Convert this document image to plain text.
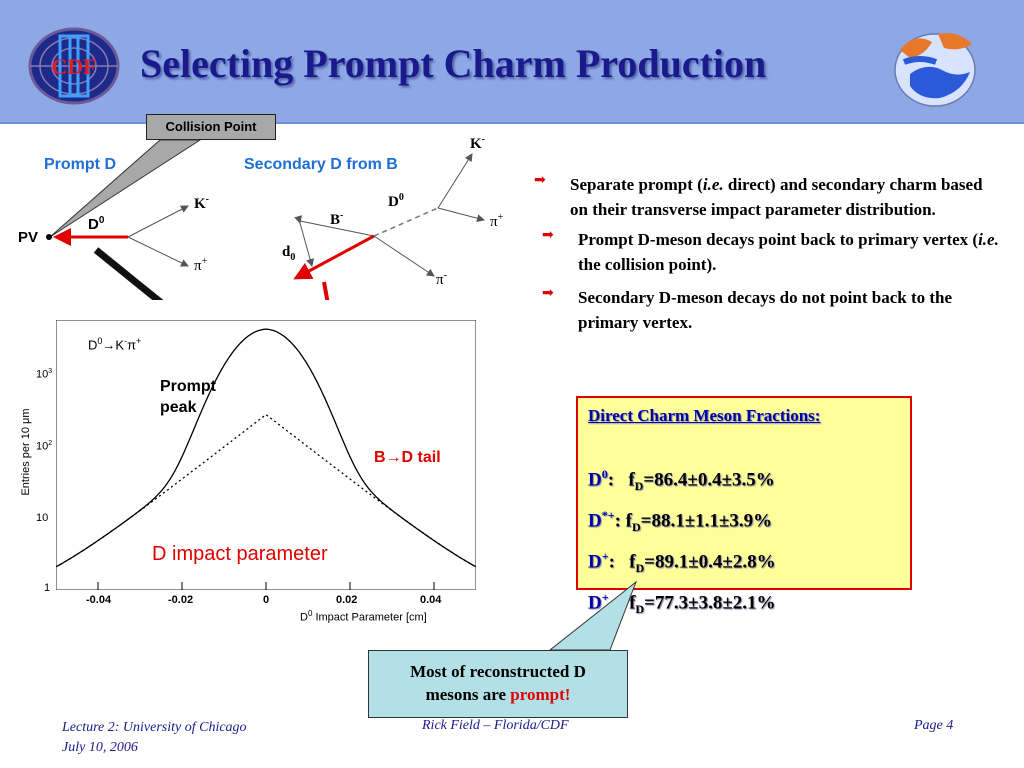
CDF Selecting Prompt Charm Production
Collision Point
Prompt D	Secondary D from B
PV
$D^0$
K-
π+
B-
$D^0$
$d_0$
K-
π+
π-
$D^0\to K^-\pi^+$
Prompt
peak
B→D tail
D impact parameter
$10^3$
$10^2$
10
1
-0.04	-0.02	0	0.02	0.04
$D^0$ Impact Parameter [cm]
Entries per 10 μm
➡ Separate prompt (i.e. direct) and secondary charm based on their transverse impact parameter distribution.
➡ Prompt D-meson decays point back to primary vertex (i.e. the collision point).
➡ Secondary D-meson decays do not point back to the primary vertex.
Direct Charm Meson Fractions:
$D^0$:   $f_D=86.4\pm 0.4\pm 3.5\%$
D*+: $f_D=88.1\pm 1.1\pm 3.9\%$
D+:   $f_D=89.1\pm 0.4\pm 2.8\%$
D+ $f_D=77.3\pm 3.8\pm 2.1\%$
Most of reconstructed D
mesons are prompt!
Lecture 2: University of Chicago
July 10, 2006
Rick Field – Florida/CDF	Page 4
